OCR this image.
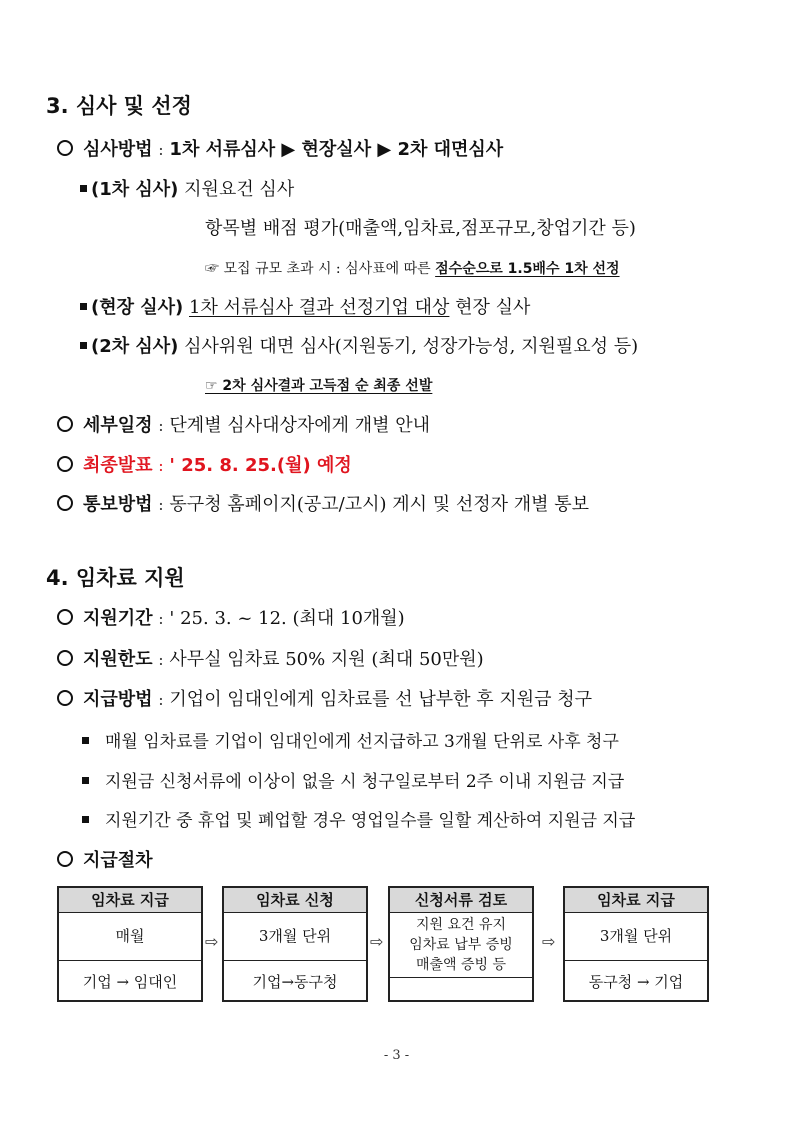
3. 심사 및 선정
심사방법 : 1차 서류심사 ▶ 현장실사 ▶ 2차 대면심사
(1차 심사) 지원요건 심사
항목별 배점 평가(매출액,임차료,점포규모,창업기간 등)
☞ 모집 규모 초과 시 : 심사표에 따른 점수순으로 1.5배수 1차 선정
(현장 실사) 1차 서류심사 결과 선정기업 대상 현장 실사
(2차 심사) 심사위원 대면 심사(지원동기, 성장가능성, 지원필요성 등)
☞ 2차 심사결과 고득점 순 최종 선발
세부일정 : 단계별 심사대상자에게 개별 안내
최종발표 : ' 25. 8. 25.(월) 예정
통보방법 : 동구청 홈페이지(공고/고시) 게시 및 선정자 개별 통보
4. 임차료 지원
지원기간 : ' 25. 3. ~ 12. (최대 10개월)
지원한도 : 사무실 임차료 50% 지원 (최대 50만원)
지급방법 : 기업이 임대인에게 임차료를 선 납부한 후 지원금 청구
매월 임차료를 기업이 임대인에게 선지급하고 3개월 단위로 사후 청구
지원금 신청서류에 이상이 없을 시 청구일로부터 2주 이내 지원금 지급
지원기간 중 휴업 및 폐업할 경우 영업일수를 일할 계산하여 지원금 지급
지급절차
임차료 지급
매월
기업 → 임대인
⇨
임차료 신청
3개월 단위
기업→동구청
⇨
신청서류 검토
지원 요건 유지
임차료 납부 증빙
매출액 증빙 등
⇨
임차료 지급
3개월 단위
동구청 → 기업
- 3 -
